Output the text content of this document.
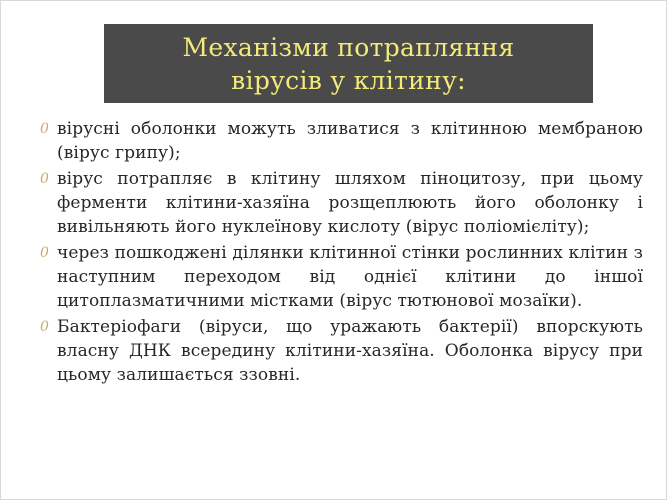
Механізми потрапляння
вірусів у клітину:
0 вірусні оболонки можуть зливатися з клітинною мембраною (вірус грипу);
0 вірус потрапляє в клітину шляхом піноцитозу, при цьому ферменти клітини-хазяїна розщеплюють його оболонку і вивільняють його нуклеїнову кислоту (вірус поліомієліту);
0 через пошкоджені ділянки клітинної стінки рослинних клітин з наступним переходом від однієї клітини до іншої цитоплазматичними містками (вірус тютюнової мозаїки).
0 Бактеріофаги (віруси, що уражають бактерії) впорскують власну ДНК всередину клітини-хазяїна. Оболонка вірусу при цьому залишається ззовні.
